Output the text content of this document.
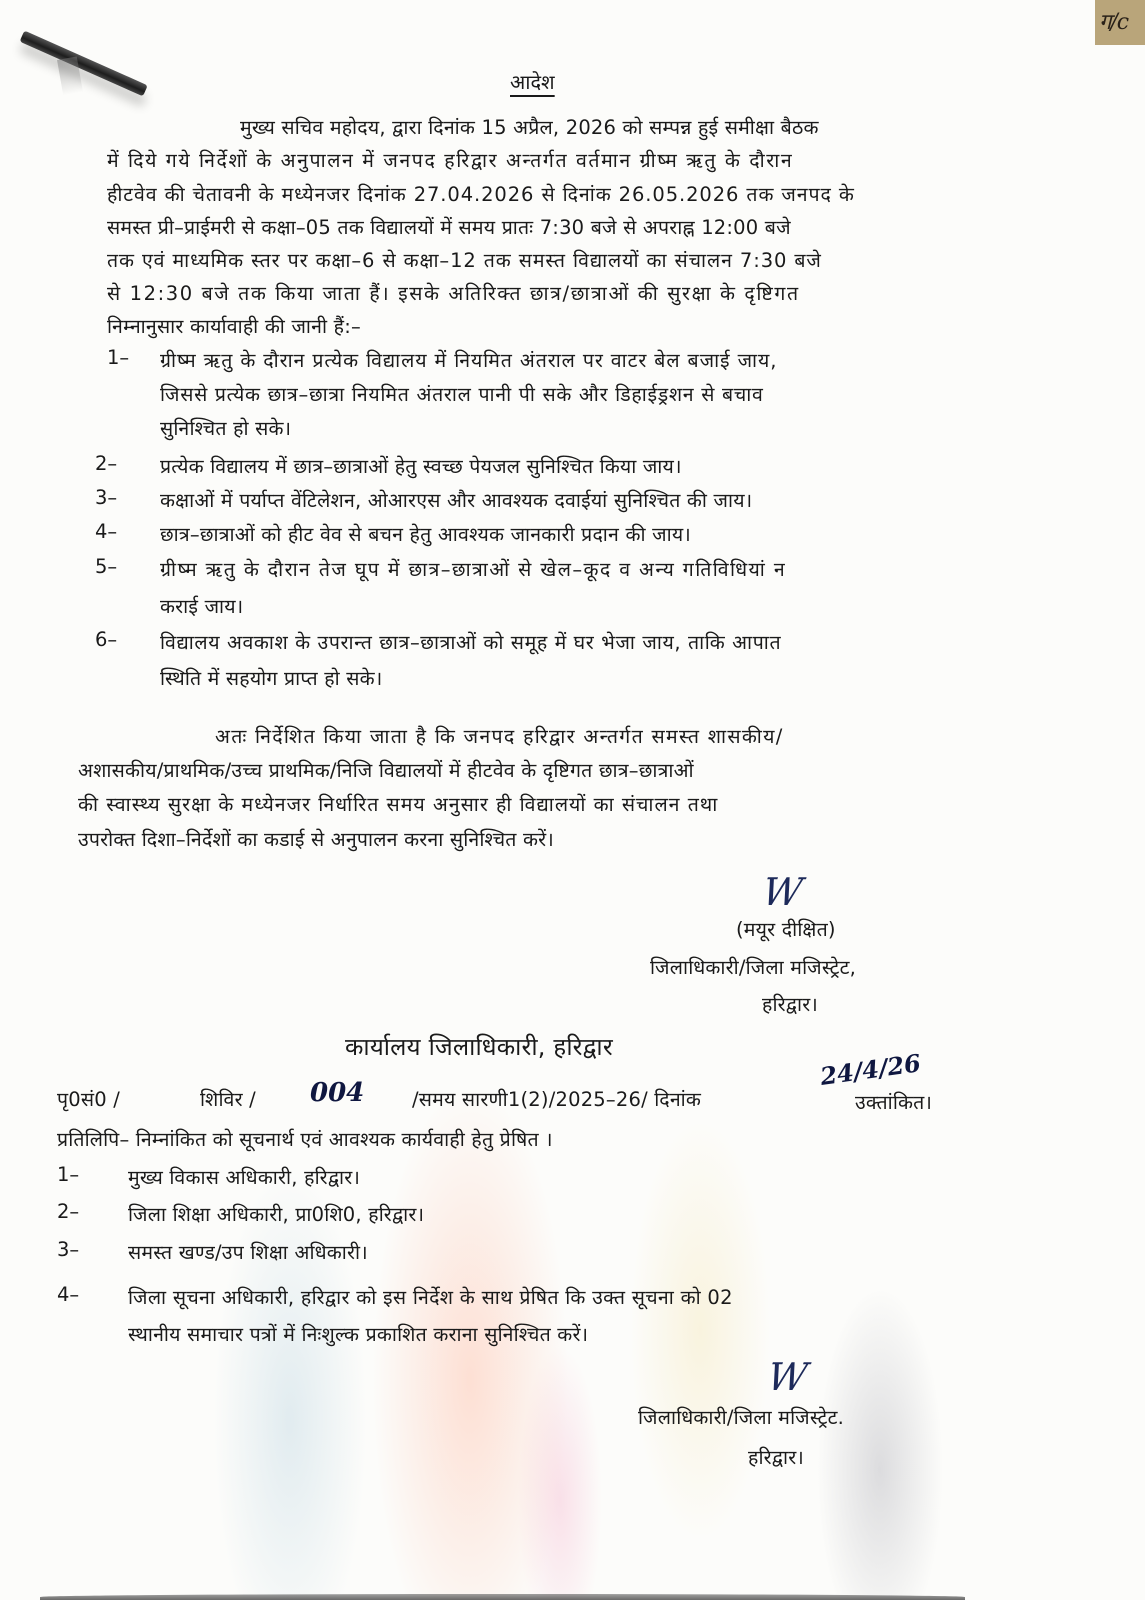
ग/c
आदेश
मुख्य सचिव महोदय, द्वारा दिनांक 15 अप्रैल, 2026 को सम्पन्न हुई समीक्षा बैठक
में दिये गये निर्देशों के अनुपालन में जनपद हरिद्वार अन्तर्गत वर्तमान ग्रीष्म ऋतु के दौरान
हीटवेव की चेतावनी के मध्येनजर दिनांक 27.04.2026 से दिनांक 26.05.2026 तक जनपद के
समस्त प्री–प्राईमरी से कक्षा–05 तक विद्यालयों में समय प्रातः 7:30 बजे से अपराह्न 12:00 बजे
तक एवं माध्यमिक स्तर पर कक्षा–6 से कक्षा–12 तक समस्त विद्यालयों का संचालन 7:30 बजे
से 12:30 बजे तक किया जाता हैं। इसके अतिरिक्त छात्र/छात्राओं की सुरक्षा के दृष्टिगत
निम्नानुसार कार्यावाही की जानी हैं:–
1– ग्रीष्म ऋतु के दौरान प्रत्येक विद्यालय में नियमित अंतराल पर वाटर बेल बजाई जाय,
जिससे प्रत्येक छात्र–छात्रा नियमित अंतराल पानी पी सके और डिहाईड्रशन से बचाव
सुनिश्चित हो सके।
2– प्रत्येक विद्यालय में छात्र–छात्राओं हेतु स्वच्छ पेयजल सुनिश्चित किया जाय।
3– कक्षाओं में पर्याप्त वेंटिलेशन, ओआरएस और आवश्यक दवाईयां सुनिश्चित की जाय।
4– छात्र–छात्राओं को हीट वेव से बचन हेतु आवश्यक जानकारी प्रदान की जाय।
5– ग्रीष्म ऋतु के दौरान तेज घूप में छात्र–छात्राओं से खेल–कूद व अन्य गतिविधियां न
कराई जाय।
6– विद्यालय अवकाश के उपरान्त छात्र–छात्राओं को समूह में घर भेजा जाय, ताकि आपात
स्थिति में सहयोग प्राप्त हो सके।
अतः निर्देशित किया जाता है कि जनपद हरिद्वार अन्तर्गत समस्त शासकीय/
अशासकीय/प्राथमिक/उच्च प्राथमिक/निजि विद्यालयों में हीटवेव के दृष्टिगत छात्र–छात्राओं
की स्वास्थ्य सुरक्षा के मध्येनजर निर्धारित समय अनुसार ही विद्यालयों का संचालन तथा
उपरोक्त दिशा–निर्देशों का कडाई से अनुपालन करना सुनिश्चित करें।
W
(मयूर दीक्षित)
जिलाधिकारी/जिला मजिस्ट्रेट,
हरिद्वार।
कार्यालय जिलाधिकारी, हरिद्वार
पृ0सं0 /	शिविर / 004 /समय सारणी1(2)/2025–26/ दिनांक
24/4/26
उक्तांकित।
प्रतिलिपि– निम्नांकित को सूचनार्थ एवं आवश्यक कार्यवाही हेतु प्रेषित ।
1–	मुख्य विकास अधिकारी, हरिद्वार।
2–	जिला शिक्षा अधिकारी, प्रा0शि0, हरिद्वार।
3–	समस्त खण्ड/उप शिक्षा अधिकारी।
4–	जिला सूचना अधिकारी, हरिद्वार को इस निर्देश के साथ प्रेषित कि उक्त सूचना को 02
स्थानीय समाचार पत्रों में निःशुल्क प्रकाशित कराना सुनिश्चित करें।
W
जिलाधिकारी/जिला मजिस्ट्रेट.
हरिद्वार।
